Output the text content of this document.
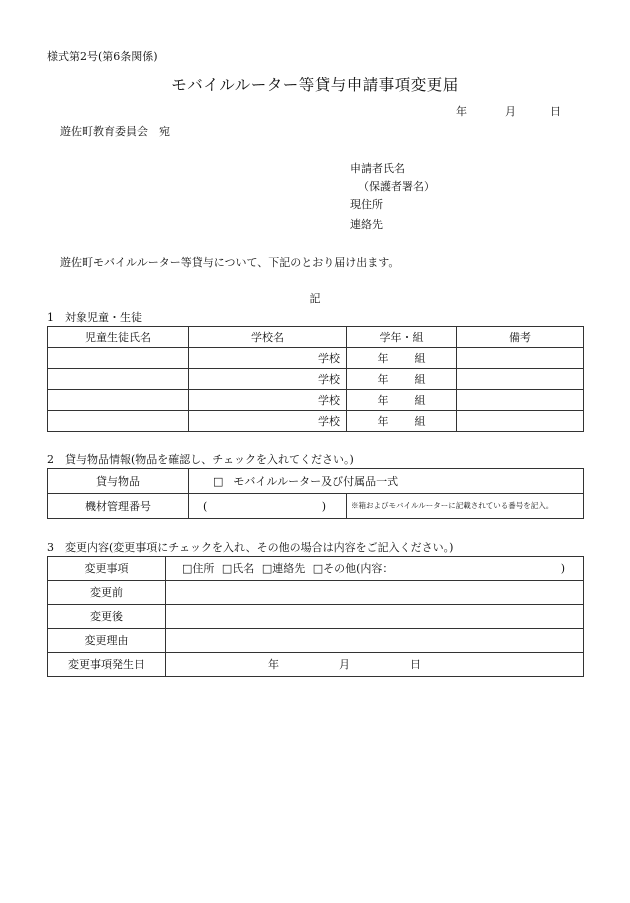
様式第2号(第6条関係)
モバイルルーター等貸与申請事項変更届
年	月	日
遊佐町教育委員会　宛
申請者氏名
（保護者署名）
現住所
連絡先
遊佐町モバイルルーター等貸与について、下記のとおり届け出ます。
記
1　対象児童・生徒
児童生徒氏名	学校名	学年・組	備考
	学校	年 組	
	学校	年 組	
	学校	年 組	
	学校	年 組	
2　貸与物品情報(物品を確認し、チェックを入れてください。)
貸与物品	□ モバイルルーター及び付属品一式	
機材管理番号	( )	※箱およびモバイルルーターに記載されている番号を記入。
3　変更内容(変更事項にチェックを入れ、その他の場合は内容をご記入ください。)
変更事項	□住所 □氏名 □連絡先 □その他(内容： )

変更前	
変更後	
変更理由	
変更事項発生日	年 月 日
